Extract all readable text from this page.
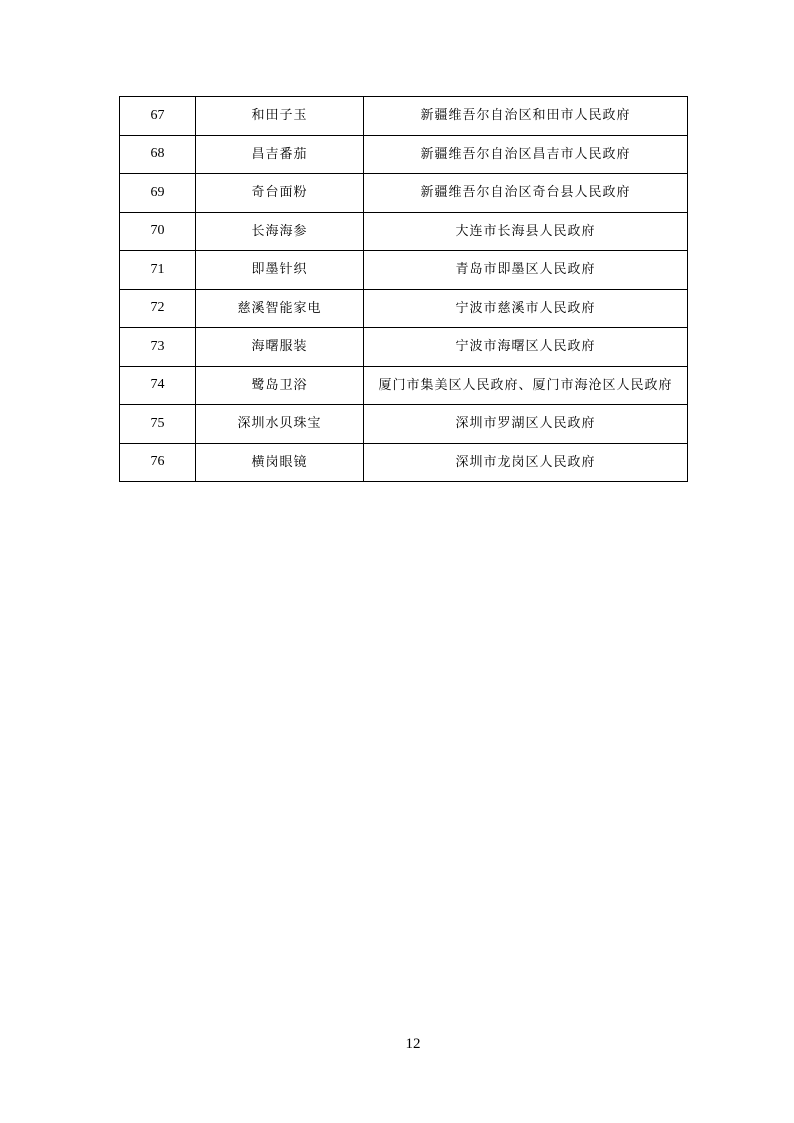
67	和田子玉	新疆维吾尔自治区和田市人民政府
68	昌吉番茄	新疆维吾尔自治区昌吉市人民政府
69	奇台面粉	新疆维吾尔自治区奇台县人民政府
70	长海海参	大连市长海县人民政府
71	即墨针织	青岛市即墨区人民政府
72	慈溪智能家电	宁波市慈溪市人民政府
73	海曙服装	宁波市海曙区人民政府
74	鹭岛卫浴	厦门市集美区人民政府、厦门市海沧区人民政府
75	深圳水贝珠宝	深圳市罗湖区人民政府
76	横岗眼镜	深圳市龙岗区人民政府
12
